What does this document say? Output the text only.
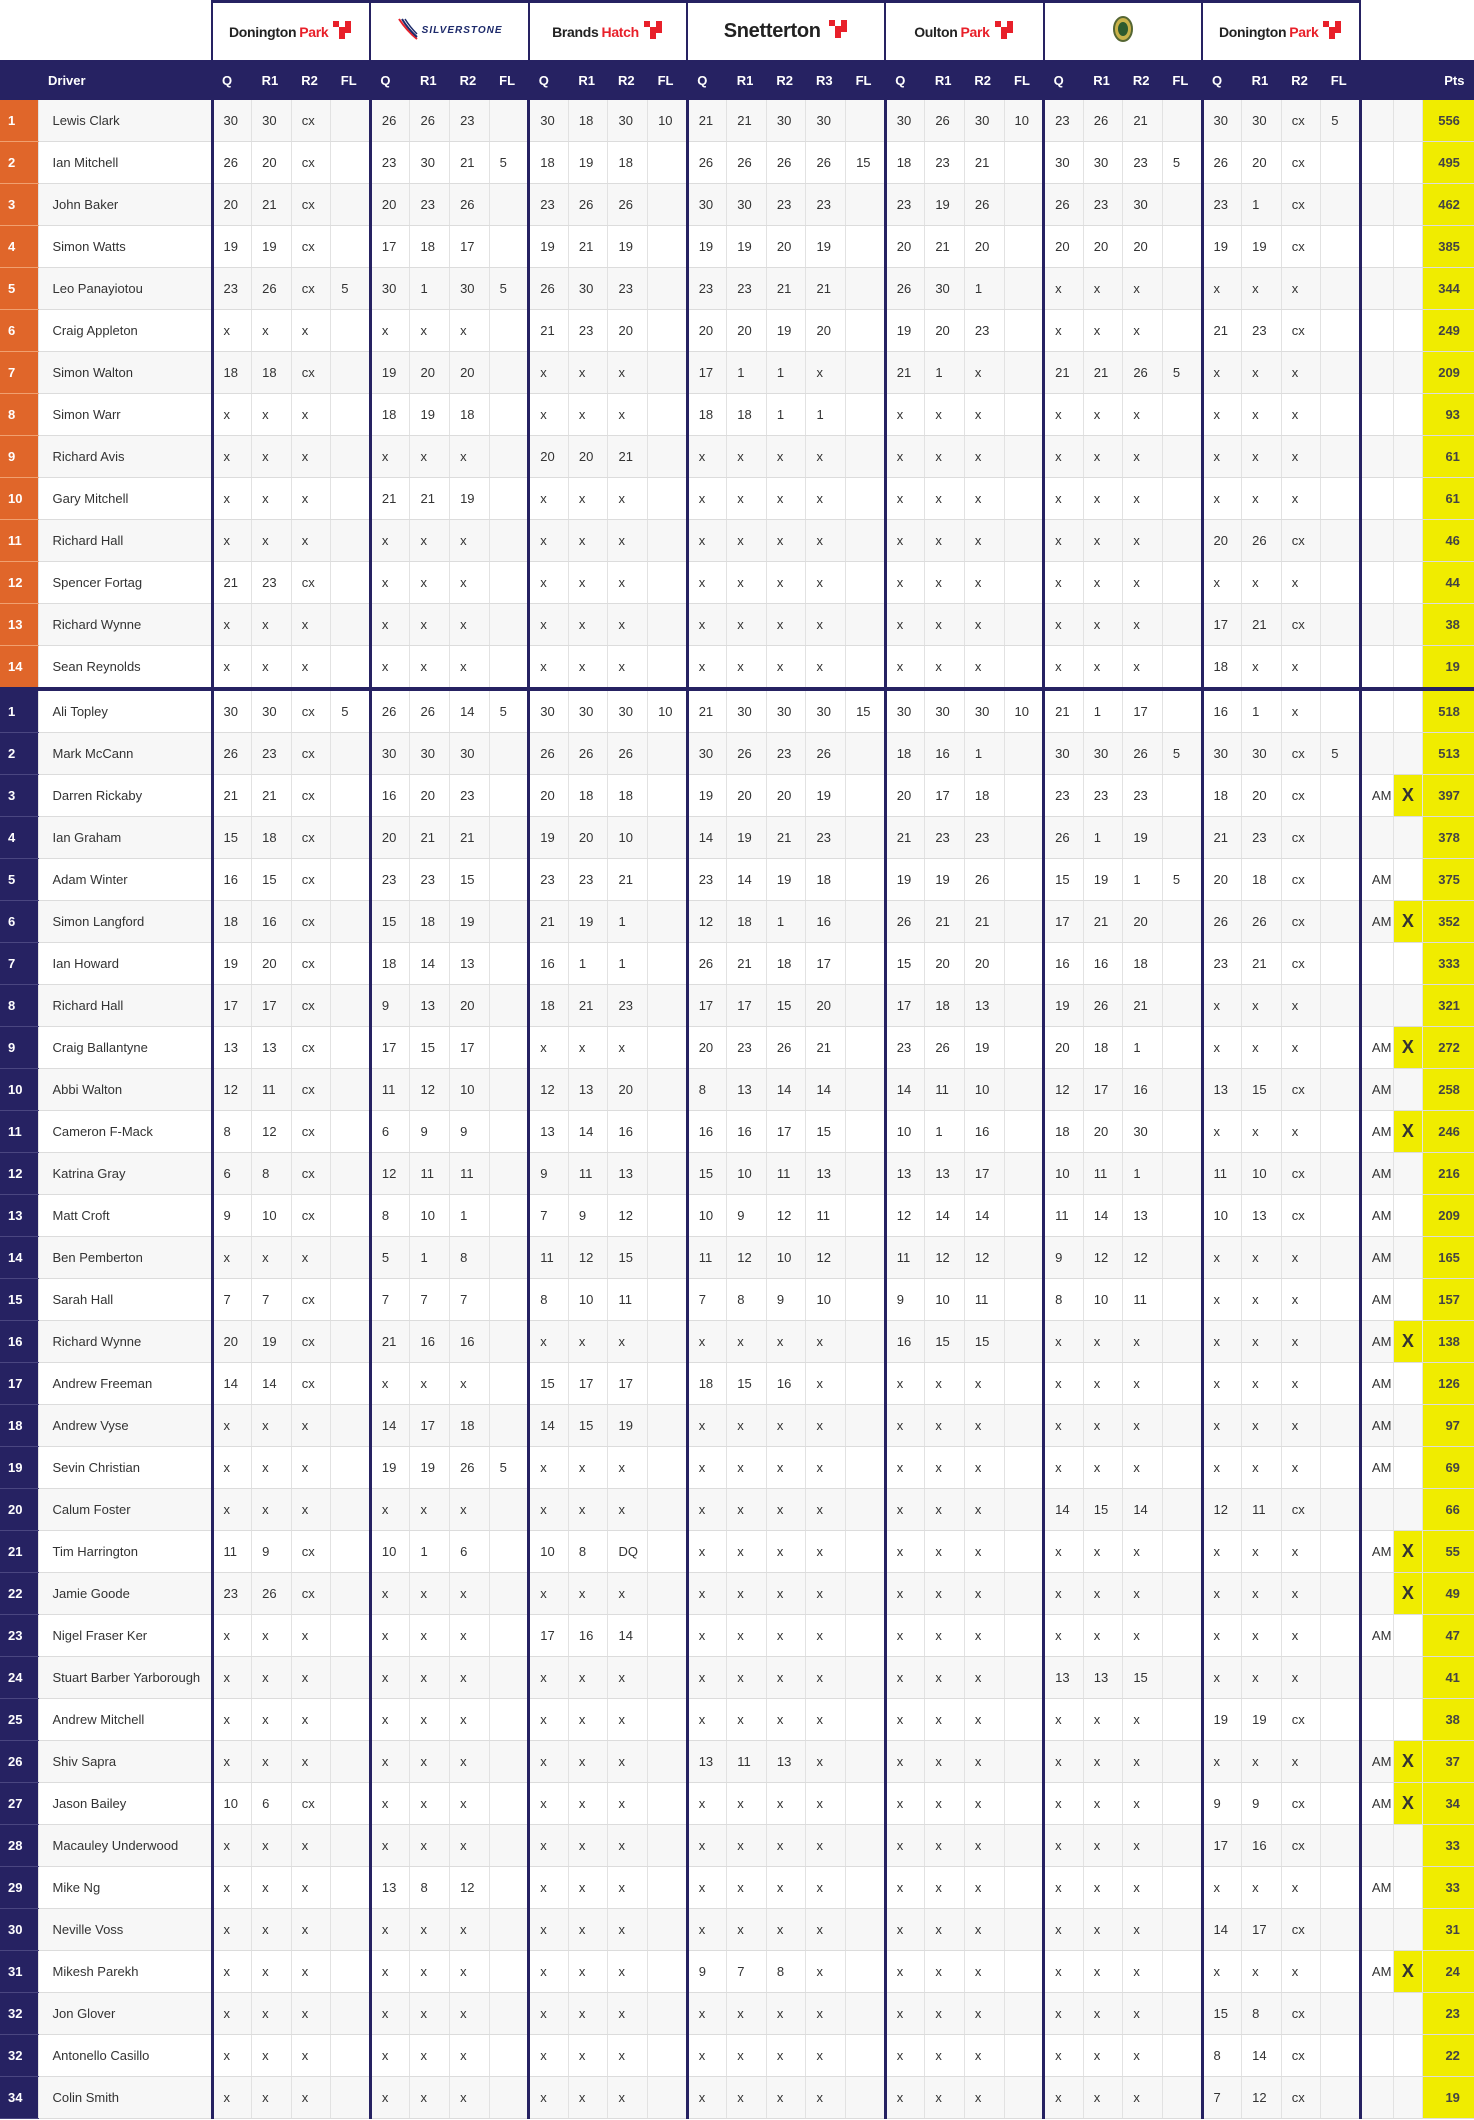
		Donington Park				SILVERSTONE				Brands Hatch				Snetterton					Oulton Park								Donington Park						

	Driver	Q	R1	R2	FL	Q	R1	R2	FL	Q	R1	R2	FL	Q	R1	R2	R3	FL	Q	R1	R2	FL	Q	R1	R2	FL	Q	R1	R2	FL			Pts
1	Lewis Clark	30	30	cx		26	26	23		30	18	30	10	21	21	30	30		30	26	30	10	23	26	21		30	30	cx	5			556
2	Ian Mitchell	26	20	cx		23	30	21	5	18	19	18		26	26	26	26	15	18	23	21		30	30	23	5	26	20	cx				495
3	John Baker	20	21	cx		20	23	26		23	26	26		30	30	23	23		23	19	26		26	23	30		23	1	cx				462
4	Simon Watts	19	19	cx		17	18	17		19	21	19		19	19	20	19		20	21	20		20	20	20		19	19	cx				385
5	Leo Panayiotou	23	26	cx	5	30	1	30	5	26	30	23		23	23	21	21		26	30	1		x	x	x		x	x	x				344
6	Craig Appleton	x	x	x		x	x	x		21	23	20		20	20	19	20		19	20	23		x	x	x		21	23	cx				249
7	Simon Walton	18	18	cx		19	20	20		x	x	x		17	1	1	x		21	1	x		21	21	26	5	x	x	x				209
8	Simon Warr	x	x	x		18	19	18		x	x	x		18	18	1	1		x	x	x		x	x	x		x	x	x				93
9	Richard Avis	x	x	x		x	x	x		20	20	21		x	x	x	x		x	x	x		x	x	x		x	x	x				61
10	Gary Mitchell	x	x	x		21	21	19		x	x	x		x	x	x	x		x	x	x		x	x	x		x	x	x				61
11	Richard Hall	x	x	x		x	x	x		x	x	x		x	x	x	x		x	x	x		x	x	x		20	26	cx				46
12	Spencer Fortag	21	23	cx		x	x	x		x	x	x		x	x	x	x		x	x	x		x	x	x		x	x	x				44
13	Richard Wynne	x	x	x		x	x	x		x	x	x		x	x	x	x		x	x	x		x	x	x		17	21	cx				38
14	Sean Reynolds	x	x	x		x	x	x		x	x	x		x	x	x	x		x	x	x		x	x	x		18	x	x				19

1	Ali Topley	30	30	cx	5	26	26	14	5	30	30	30	10	21	30	30	30	15	30	30	30	10	21	1	17		16	1	x				518
2	Mark McCann	26	23	cx		30	30	30		26	26	26		30	26	23	26		18	16	1		30	30	26	5	30	30	cx	5			513
3	Darren Rickaby	21	21	cx		16	20	23		20	18	18		19	20	20	19		20	17	18		23	23	23		18	20	cx		AM	X	397
4	Ian Graham	15	18	cx		20	21	21		19	20	10		14	19	21	23		21	23	23		26	1	19		21	23	cx				378
5	Adam Winter	16	15	cx		23	23	15		23	23	21		23	14	19	18		19	19	26		15	19	1	5	20	18	cx		AM		375
6	Simon Langford	18	16	cx		15	18	19		21	19	1		12	18	1	16		26	21	21		17	21	20		26	26	cx		AM	X	352
7	Ian Howard	19	20	cx		18	14	13		16	1	1		26	21	18	17		15	20	20		16	16	18		23	21	cx				333
8	Richard Hall	17	17	cx		9	13	20		18	21	23		17	17	15	20		17	18	13		19	26	21		x	x	x				321
9	Craig Ballantyne	13	13	cx		17	15	17		x	x	x		20	23	26	21		23	26	19		20	18	1		x	x	x		AM	X	272
10	Abbi Walton	12	11	cx		11	12	10		12	13	20		8	13	14	14		14	11	10		12	17	16		13	15	cx		AM		258
11	Cameron F-Mack	8	12	cx		6	9	9		13	14	16		16	16	17	15		10	1	16		18	20	30		x	x	x		AM	X	246
12	Katrina Gray	6	8	cx		12	11	11		9	11	13		15	10	11	13		13	13	17		10	11	1		11	10	cx		AM		216
13	Matt Croft	9	10	cx		8	10	1		7	9	12		10	9	12	11		12	14	14		11	14	13		10	13	cx		AM		209
14	Ben Pemberton	x	x	x		5	1	8		11	12	15		11	12	10	12		11	12	12		9	12	12		x	x	x		AM		165
15	Sarah Hall	7	7	cx		7	7	7		8	10	11		7	8	9	10		9	10	11		8	10	11		x	x	x		AM		157
16	Richard Wynne	20	19	cx		21	16	16		x	x	x		x	x	x	x		16	15	15		x	x	x		x	x	x		AM	X	138
17	Andrew Freeman	14	14	cx		x	x	x		15	17	17		18	15	16	x		x	x	x		x	x	x		x	x	x		AM		126
18	Andrew Vyse	x	x	x		14	17	18		14	15	19		x	x	x	x		x	x	x		x	x	x		x	x	x		AM		97
19	Sevin Christian	x	x	x		19	19	26	5	x	x	x		x	x	x	x		x	x	x		x	x	x		x	x	x		AM		69
20	Calum Foster	x	x	x		x	x	x		x	x	x		x	x	x	x		x	x	x		14	15	14		12	11	cx				66
21	Tim Harrington	11	9	cx		10	1	6		10	8	DQ		x	x	x	x		x	x	x		x	x	x		x	x	x		AM	X	55
22	Jamie Goode	23	26	cx		x	x	x		x	x	x		x	x	x	x		x	x	x		x	x	x		x	x	x			X	49
23	Nigel Fraser Ker	x	x	x		x	x	x		17	16	14		x	x	x	x		x	x	x		x	x	x		x	x	x		AM		47
24	Stuart Barber Yarborough	x	x	x		x	x	x		x	x	x		x	x	x	x		x	x	x		13	13	15		x	x	x				41
25	Andrew Mitchell	x	x	x		x	x	x		x	x	x		x	x	x	x		x	x	x		x	x	x		19	19	cx				38
26	Shiv Sapra	x	x	x		x	x	x		x	x	x		13	11	13	x		x	x	x		x	x	x		x	x	x		AM	X	37
27	Jason Bailey	10	6	cx		x	x	x		x	x	x		x	x	x	x		x	x	x		x	x	x		9	9	cx		AM	X	34
28	Macauley Underwood	x	x	x		x	x	x		x	x	x		x	x	x	x		x	x	x		x	x	x		17	16	cx				33
29	Mike Ng	x	x	x		13	8	12		x	x	x		x	x	x	x		x	x	x		x	x	x		x	x	x		AM		33
30	Neville Voss	x	x	x		x	x	x		x	x	x		x	x	x	x		x	x	x		x	x	x		14	17	cx				31
31	Mikesh Parekh	x	x	x		x	x	x		x	x	x		9	7	8	x		x	x	x		x	x	x		x	x	x		AM	X	24
32	Jon Glover	x	x	x		x	x	x		x	x	x		x	x	x	x		x	x	x		x	x	x		15	8	cx				23
32	Antonello Casillo	x	x	x		x	x	x		x	x	x		x	x	x	x		x	x	x		x	x	x		8	14	cx				22
34	Colin Smith	x	x	x		x	x	x		x	x	x		x	x	x	x		x	x	x		x	x	x		7	12	cx				19
